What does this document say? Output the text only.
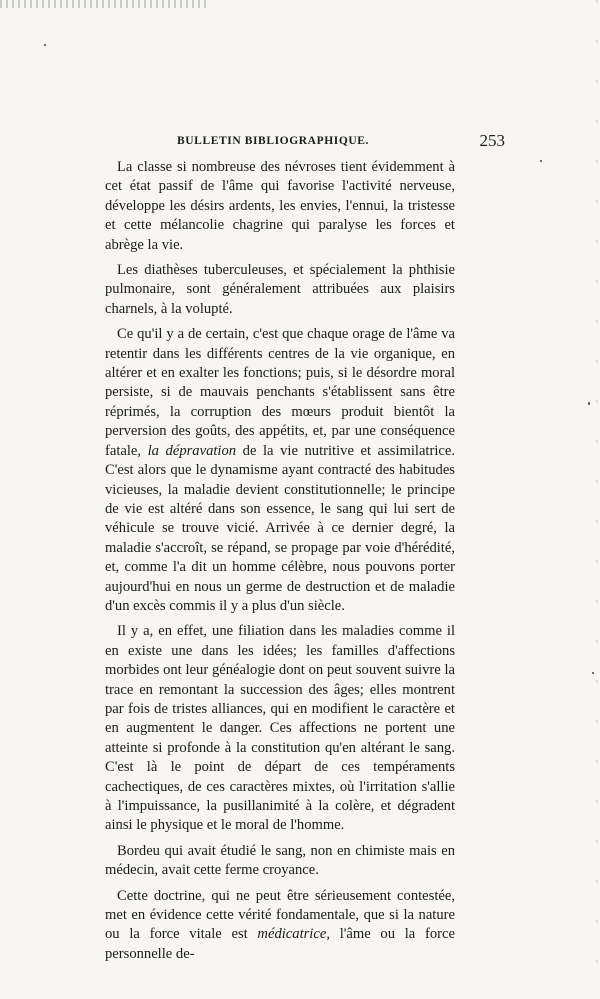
BULLETIN BIBLIOGRAPHIQUE.	253

La classe si nombreuse des névroses tient évidemment à cet état passif de l'âme qui favorise l'activité nerveuse, développe les désirs ardents, les envies, l'ennui, la tristesse et cette mélancolie chagrine qui paralyse les forces et abrège la vie.

Les diathèses tuberculeuses, et spécialement la phthisie pulmonaire, sont généralement attribuées aux plaisirs charnels, à la volupté.

Ce qu'il y a de certain, c'est que chaque orage de l'âme va retentir dans les différents centres de la vie organique, en altérer et en exalter les fonctions; puis, si le désordre moral persiste, si de mauvais penchants s'établissent sans être réprimés, la corruption des mœurs produit bientôt la perversion des goûts, des appétits, et, par une conséquence fatale, la dépravation de la vie nutritive et assimilatrice. C'est alors que le dynamisme ayant contracté des habitudes vicieuses, la maladie devient constitutionnelle; le principe de vie est altéré dans son essence, le sang qui lui sert de véhicule se trouve vicié. Arrivée à ce dernier degré, la maladie s'accroît, se répand, se propage par voie d'hérédité, et, comme l'a dit un homme célèbre, nous pouvons porter aujourd'hui en nous un germe de destruction et de maladie d'un excès commis il y a plus d'un siècle.

Il y a, en effet, une filiation dans les maladies comme il en existe une dans les idées; les familles d'affections morbides ont leur généalogie dont on peut souvent suivre la trace en remontant la succession des âges; elles montrent par fois de tristes alliances, qui en modifient le caractère et en augmentent le danger. Ces affections ne portent une atteinte si profonde à la constitution qu'en altérant le sang. C'est là le point de départ de ces tempéraments cachectiques, de ces caractères mixtes, où l'irritation s'allie à l'impuissance, la pusillanimité à la colère, et dégradent ainsi le physique et le moral de l'homme.

Bordeu qui avait étudié le sang, non en chimiste mais en médecin, avait cette ferme croyance.

Cette doctrine, qui ne peut être sérieusement contestée, met en évidence cette vérité fondamentale, que si la nature ou la force vitale est médicatrice, l'âme ou la force personnelle de-
